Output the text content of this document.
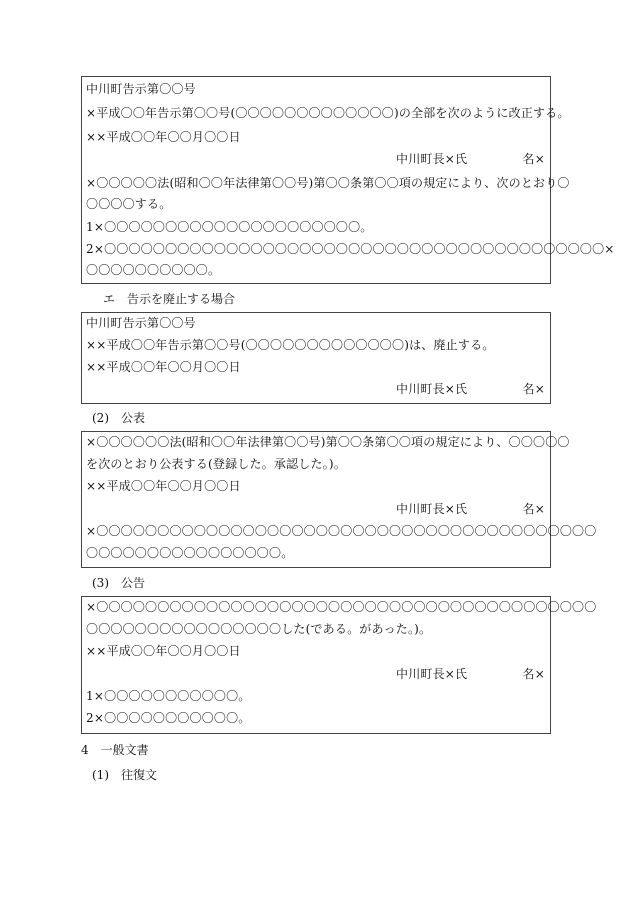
中川町告示第〇〇号
×平成〇〇年告示第〇〇号(〇〇〇〇〇〇〇〇〇〇〇〇〇)の全部を次のように改正する。
××平成〇〇年〇〇月〇〇日
中川町長×氏	名×
×〇〇〇〇〇法(昭和〇〇年法律第〇〇号)第〇〇条第〇〇項の規定により、次のとおり〇
〇〇〇〇する。
1×〇〇〇〇〇〇〇〇〇〇〇〇〇〇〇〇〇〇〇〇〇。
2×〇〇〇〇〇〇〇〇〇〇〇〇〇〇〇〇〇〇〇〇〇〇〇〇〇〇〇〇〇〇〇〇〇〇〇〇〇〇〇〇〇×
〇〇〇〇〇〇〇〇〇〇。
エ　告示を廃止する場合
中川町告示第〇〇号
××平成〇〇年告示第〇〇号(〇〇〇〇〇〇〇〇〇〇〇〇〇)は、廃止する。
××平成〇〇年〇〇月〇〇日
中川町長×氏	名×
(2)　公表
×〇〇〇〇〇〇法(昭和〇〇年法律第〇〇号)第〇〇条第〇〇項の規定により、〇〇〇〇〇
を次のとおり公表する(登録した。承認した。)。
××平成〇〇年〇〇月〇〇日
中川町長×氏	名×
×〇〇〇〇〇〇〇〇〇〇〇〇〇〇〇〇〇〇〇〇〇〇〇〇〇〇〇〇〇〇〇〇〇〇〇〇〇〇〇〇〇
〇〇〇〇〇〇〇〇〇〇〇〇〇〇〇〇。
(3)　公告
×〇〇〇〇〇〇〇〇〇〇〇〇〇〇〇〇〇〇〇〇〇〇〇〇〇〇〇〇〇〇〇〇〇〇〇〇〇〇〇〇〇
〇〇〇〇〇〇〇〇〇〇〇〇〇〇〇〇した(である。があった。)。
××平成〇〇年〇〇月〇〇日
中川町長×氏	名×
1×〇〇〇〇〇〇〇〇〇〇〇。
2×〇〇〇〇〇〇〇〇〇〇〇。
4　一般文書
(1)　往復文
